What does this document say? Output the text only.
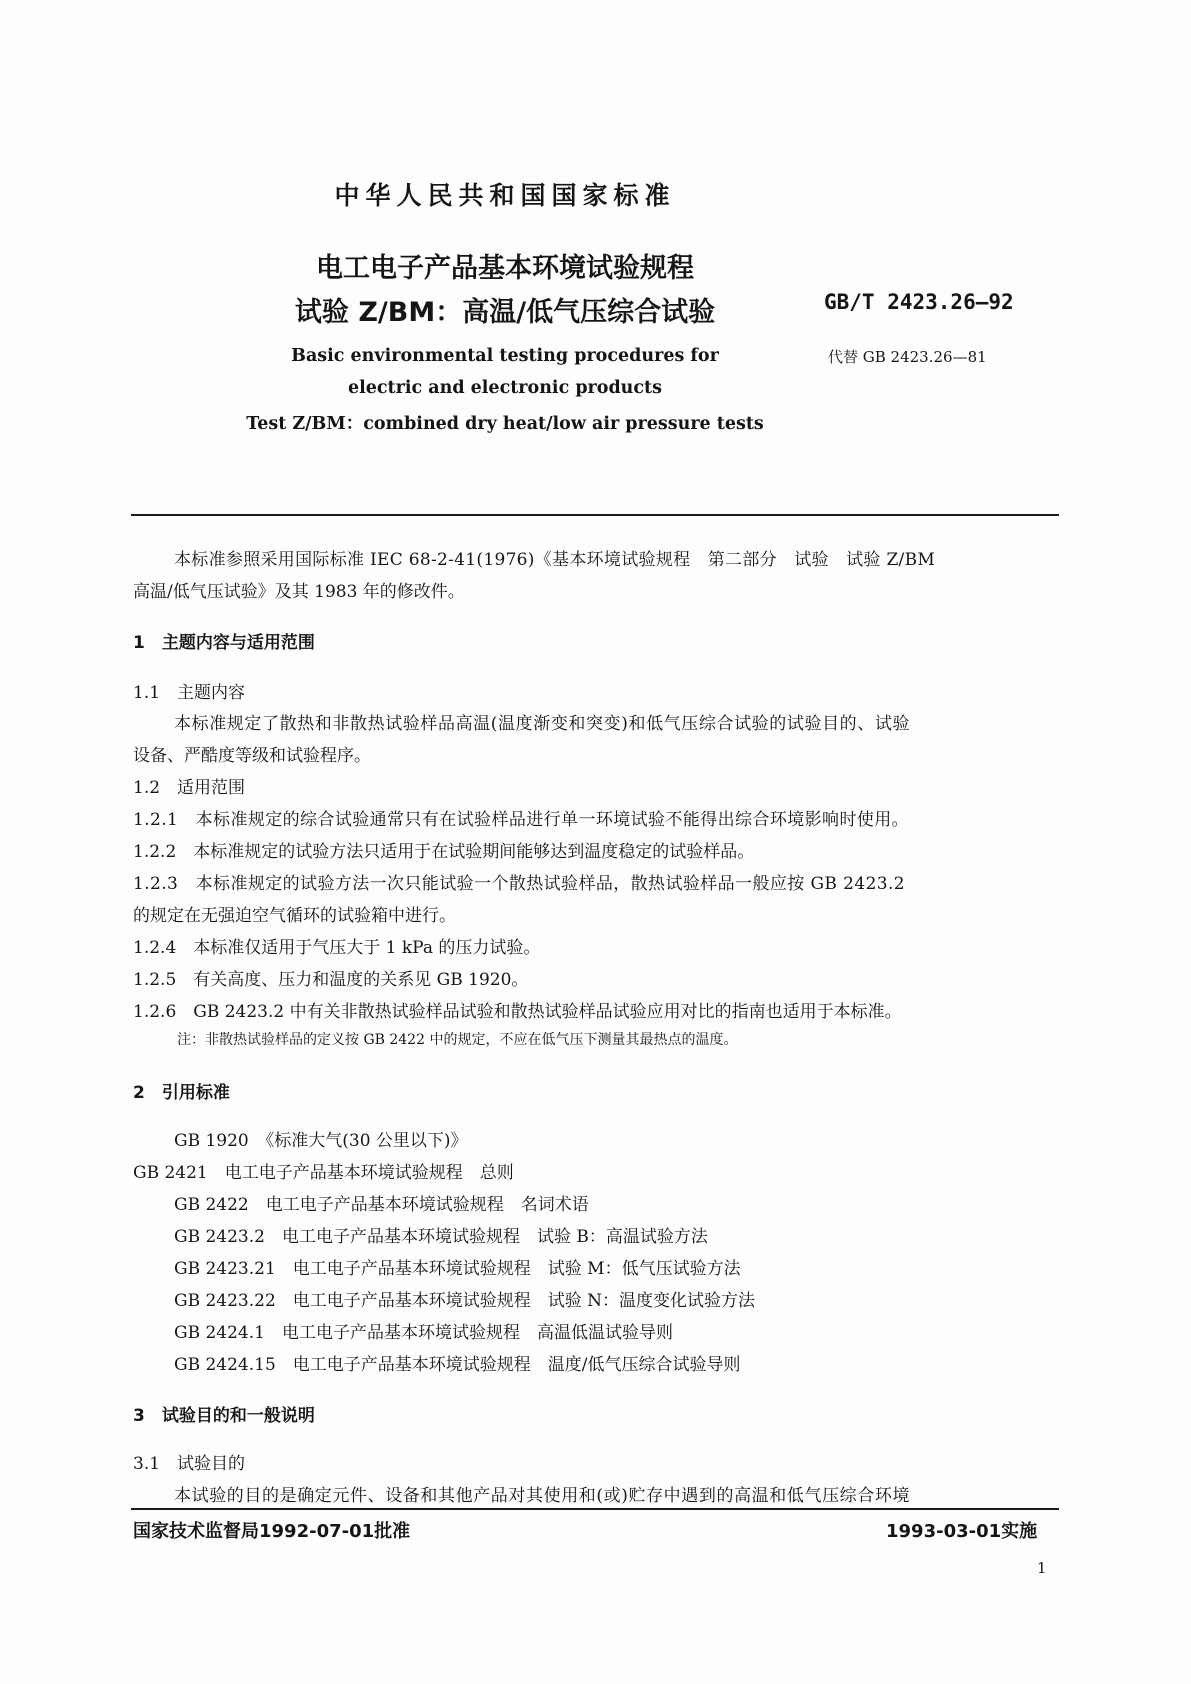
中华人民共和国国家标准
电工电子产品基本环境试验规程
试验 Z/BM：高温/低气压综合试验	GB/T 2423.26—92
代替 GB 2423.26—81
Basic environmental testing procedures for
electric and electronic products
Test Z/BM：combined dry heat/low air pressure tests
本标准参照采用国际标准 IEC 68-2-41(1976)《基本环境试验规程　第二部分　试验　试验 Z/BM
高温/低气压试验》及其 1983 年的修改件。
1　主题内容与适用范围
1.1　主题内容
本标准规定了散热和非散热试验样品高温(温度渐变和突变)和低气压综合试验的试验目的、试验
设备、严酷度等级和试验程序。
1.2　适用范围
1.2.1　本标准规定的综合试验通常只有在试验样品进行单一环境试验不能得出综合环境影响时使用。
1.2.2　本标准规定的试验方法只适用于在试验期间能够达到温度稳定的试验样品。
1.2.3　本标准规定的试验方法一次只能试验一个散热试验样品，散热试验样品一般应按 GB 2423.2
的规定在无强迫空气循环的试验箱中进行。
1.2.4　本标准仅适用于气压大于 1 kPa 的压力试验。
1.2.5　有关高度、压力和温度的关系见 GB 1920。
1.2.6　GB 2423.2 中有关非散热试验样品试验和散热试验样品试验应用对比的指南也适用于本标准。
注：非散热试验样品的定义按 GB 2422 中的规定，不应在低气压下测量其最热点的温度。
2　引用标准
GB 1920　《标准大气(30 公里以下)》
GB 2421　电工电子产品基本环境试验规程　总则
GB 2422　电工电子产品基本环境试验规程　名词术语
GB 2423.2　电工电子产品基本环境试验规程　试验 B：高温试验方法
GB 2423.21　电工电子产品基本环境试验规程　试验 M：低气压试验方法
GB 2423.22　电工电子产品基本环境试验规程　试验 N：温度变化试验方法
GB 2424.1　电工电子产品基本环境试验规程　高温低温试验导则
GB 2424.15　电工电子产品基本环境试验规程　温度/低气压综合试验导则
3　试验目的和一般说明
3.1　试验目的
本试验的目的是确定元件、设备和其他产品对其使用和(或)贮存中遇到的高温和低气压综合环境
国家技术监督局1992-07-01批准	1993-03-01实施
1
